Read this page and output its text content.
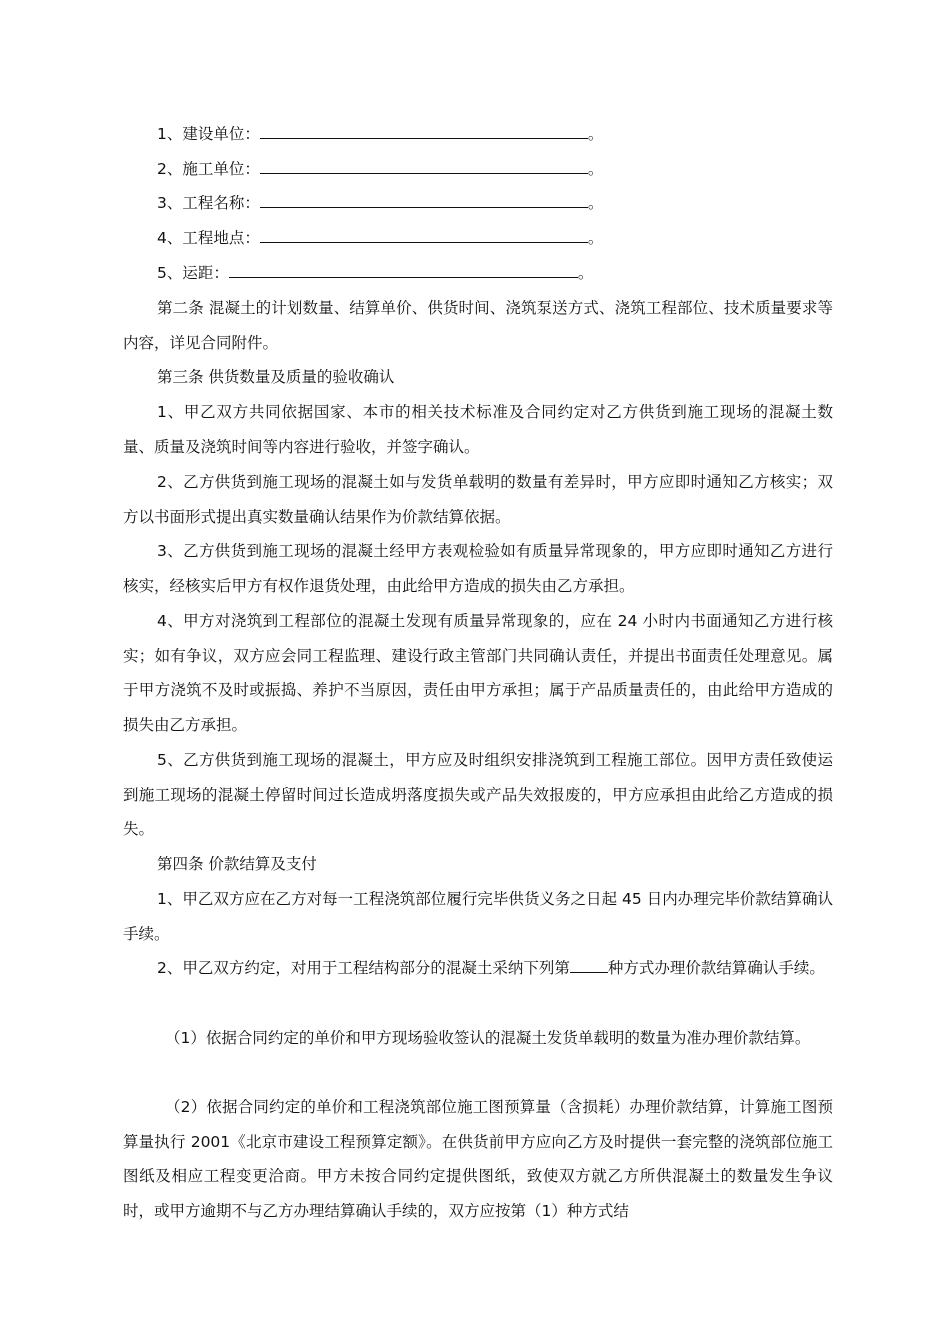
1、建设单位：	。
2、施工单位：	。
3、工程名称：	。
4、工程地点：	。
5、运距：	。

第二条 混凝土的计划数量、结算单价、供货时间、浇筑泵送方式、浇筑工程部位、技术质量要求等内容，详见合同附件。

第三条 供货数量及质量的验收确认

1、甲乙双方共同依据国家、本市的相关技术标准及合同约定对乙方供货到施工现场的混凝土数量、质量及浇筑时间等内容进行验收，并签字确认。

2、乙方供货到施工现场的混凝土如与发货单载明的数量有差异时，甲方应即时通知乙方核实；双方以书面形式提出真实数量确认结果作为价款结算依据。

3、乙方供货到施工现场的混凝土经甲方表观检验如有质量异常现象的，甲方应即时通知乙方进行核实，经核实后甲方有权作退货处理，由此给甲方造成的损失由乙方承担。

4、甲方对浇筑到工程部位的混凝土发现有质量异常现象的，应在 24 小时内书面通知乙方进行核实；如有争议，双方应会同工程监理、建设行政主管部门共同确认责任，并提出书面责任处理意见。属于甲方浇筑不及时或振捣、养护不当原因，责任由甲方承担；属于产品质量责任的，由此给甲方造成的损失由乙方承担。

5、乙方供货到施工现场的混凝土，甲方应及时组织安排浇筑到工程施工部位。因甲方责任致使运到施工现场的混凝土停留时间过长造成坍落度损失或产品失效报废的，甲方应承担由此给乙方造成的损失。

第四条 价款结算及支付

1、甲乙双方应在乙方对每一工程浇筑部位履行完毕供货义务之日起 45 日内办理完毕价款结算确认手续。

2、甲乙双方约定，对用于工程结构部分的混凝土采纳下列第 种方式办理价款结算确认手续。

（1）依据合同约定的单价和甲方现场验收签认的混凝土发货单载明的数量为准办理价款结算。

（2）依据合同约定的单价和工程浇筑部位施工图预算量（含损耗）办理价款结算，计算施工图预算量执行 2001《北京市建设工程预算定额》。在供货前甲方应向乙方及时提供一套完整的浇筑部位施工图纸及相应工程变更洽商。甲方未按合同约定提供图纸，致使双方就乙方所供混凝土的数量发生争议时，或甲方逾期不与乙方办理结算确认手续的，双方应按第（1）种方式结
